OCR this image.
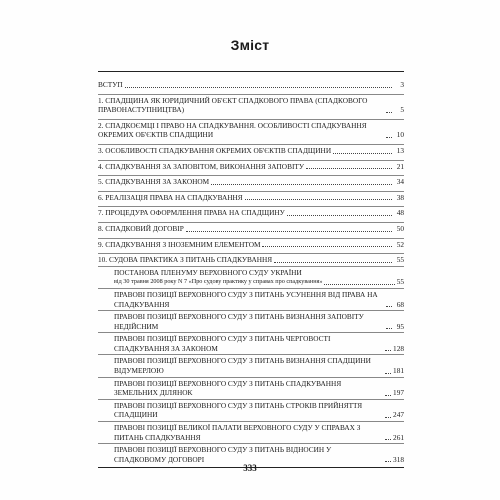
Зміст
ВСТУП	3
1. СПАДЩИНА ЯК ЮРИДИЧНИЙ ОБ'ЄКТ СПАДКОВОГО ПРАВА (СПАДКОВОГО ПРАВОНАСТУПНИЦТВА)	5
2. СПАДКОЄМЦІ І ПРАВО НА СПАДКУВАННЯ. ОСОБЛИВОСТІ СПАДКУВАННЯ ОКРЕМИХ ОБ'ЄКТІВ СПАДЩИНИ	10
3. ОСОБЛИВОСТІ СПАДКУВАННЯ ОКРЕМИХ ОБ'ЄКТІВ СПАДЩИНИ	13
4. СПАДКУВАННЯ ЗА ЗАПОВІТОМ, ВИКОНАННЯ ЗАПОВІТУ	21
5. СПАДКУВАННЯ ЗА ЗАКОНОМ	34
6. РЕАЛІЗАЦІЯ ПРАВА НА СПАДКУВАННЯ	38
7. ПРОЦЕДУРА ОФОРМЛЕННЯ ПРАВА НА СПАДЩИНУ	48
8. СПАДКОВИЙ ДОГОВІР	50
9. СПАДКУВАННЯ З ІНОЗЕМНИМ ЕЛЕМЕНТОМ	52
10. СУДОВА ПРАКТИКА З ПИТАНЬ СПАДКУВАННЯ	55
ПОСТАНОВА ПЛЕНУМУ ВЕРХОВНОГО СУДУ УКРАЇНИ
від 30 травня 2008 року N 7 «Про судову практику у справах про спадкування»	55
ПРАВОВІ ПОЗИЦІЇ ВЕРХОВНОГО СУДУ З ПИТАНЬ УСУНЕННЯ ВІД ПРАВА НА СПАДКУВАННЯ	68
ПРАВОВІ ПОЗИЦІЇ ВЕРХОВНОГО СУДУ З ПИТАНЬ ВИЗНАННЯ ЗАПОВІТУ НЕДІЙСНИМ	95
ПРАВОВІ ПОЗИЦІЇ ВЕРХОВНОГО СУДУ З ПИТАНЬ ЧЕРГОВОСТІ СПАДКУВАННЯ ЗА ЗАКОНОМ	128
ПРАВОВІ ПОЗИЦІЇ ВЕРХОВНОГО СУДУ З ПИТАНЬ ВИЗНАННЯ СПАДЩИНИ ВІДУМЕРЛОЮ	181
ПРАВОВІ ПОЗИЦІЇ ВЕРХОВНОГО СУДУ З ПИТАНЬ СПАДКУВАННЯ ЗЕМЕЛЬНИХ ДІЛЯНОК	197
ПРАВОВІ ПОЗИЦІЇ ВЕРХОВНОГО СУДУ З ПИТАНЬ СТРОКІВ ПРИЙНЯТТЯ СПАДЩИНИ	247
ПРАВОВІ ПОЗИЦІЇ ВЕЛИКОЇ ПАЛАТИ ВЕРХОВНОГО СУДУ У СПРАВАХ З ПИТАНЬ СПАДКУВАННЯ	261
ПРАВОВІ ПОЗИЦІЇ ВЕРХОВНОГО СУДУ З ПИТАНЬ ВІДНОСИН У СПАДКОВОМУ ДОГОВОРІ	318
333
